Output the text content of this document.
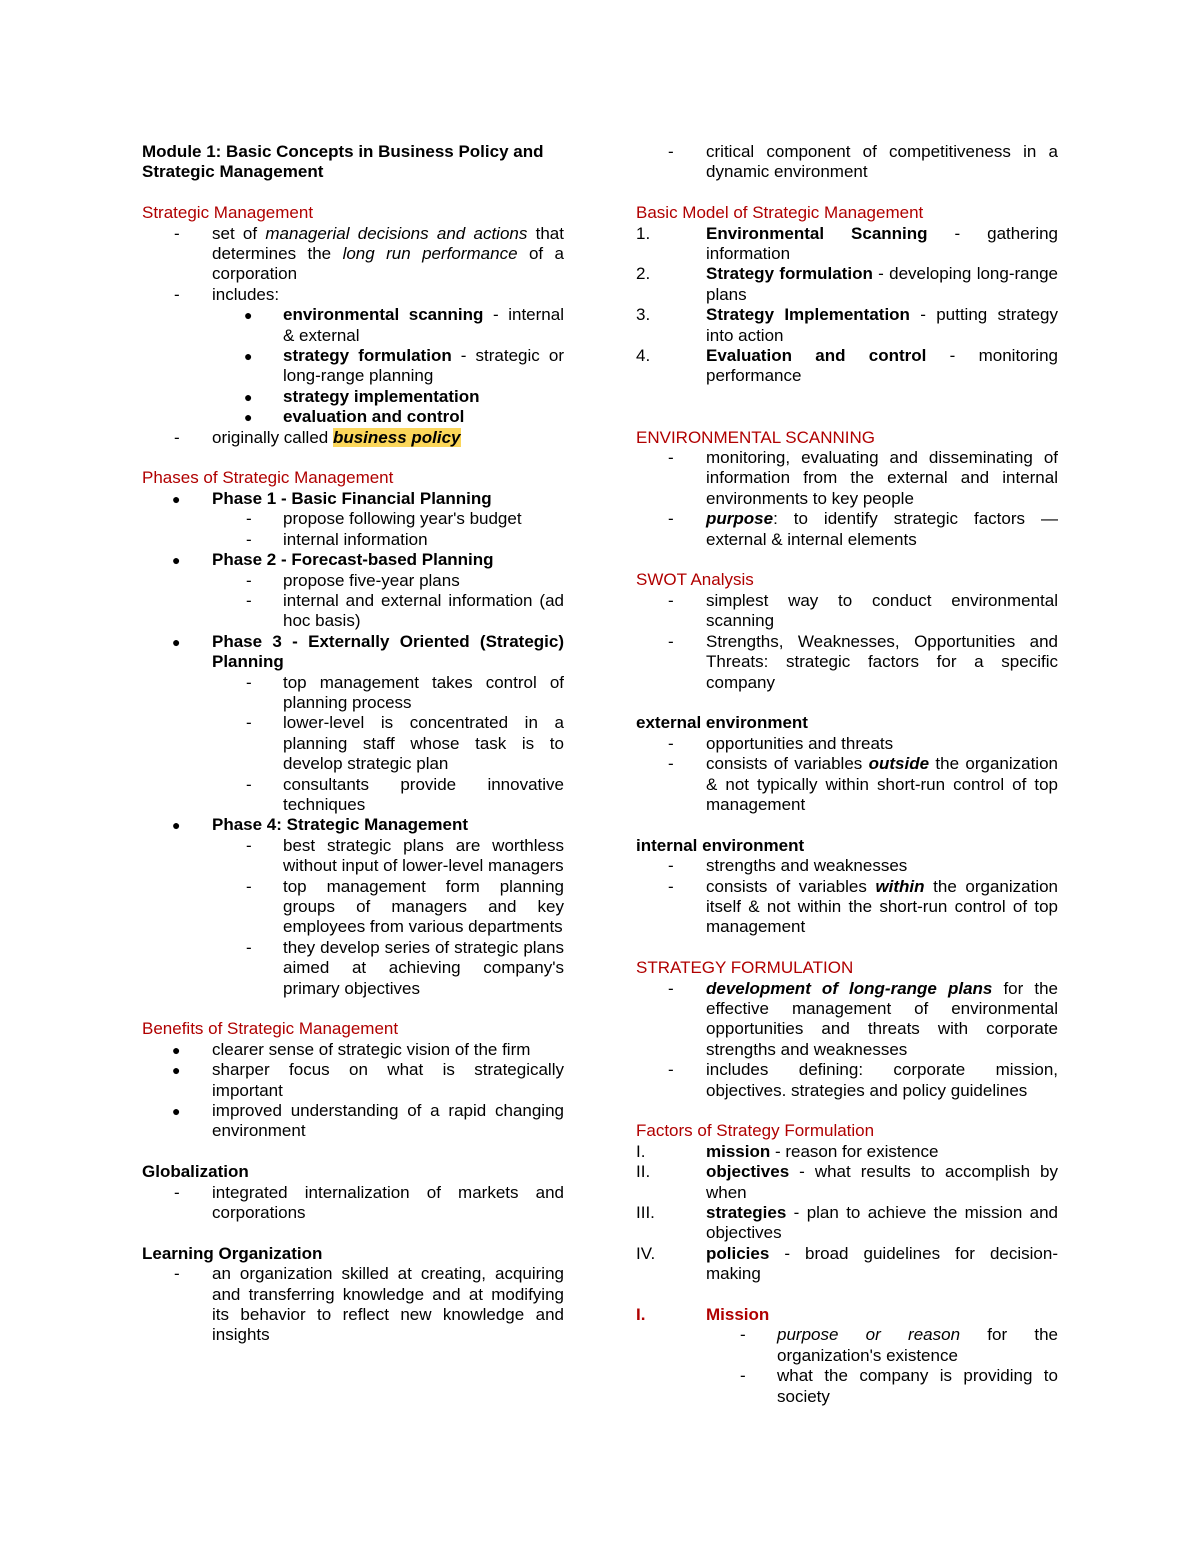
Module 1: Basic Concepts in Business Policy and Strategic Management
Strategic Management
- set of managerial decisions and actions that determines the long run performance of a corporation
- includes:
● environmental scanning - internal & external
● strategy formulation - strategic or long-range planning
● strategy implementation
● evaluation and control
- originally called business policy
Phases of Strategic Management
● Phase 1 - Basic Financial Planning
- propose following year's budget
- internal information
● Phase 2 - Forecast-based Planning
- propose five-year plans
- internal and external information (ad hoc basis)
● Phase 3 - Externally Oriented (Strategic) Planning
- top management takes control of planning process
- lower-level is concentrated in a planning staff whose task is to develop strategic plan
- consultants provide innovative techniques
● Phase 4: Strategic Management
- best strategic plans are worthless without input of lower-level managers
- top management form planning groups of managers and key employees from various departments
- they develop series of strategic plans aimed at achieving company's primary objectives
Benefits of Strategic Management
● clearer sense of strategic vision of the firm
● sharper focus on what is strategically important
● improved understanding of a rapid changing environment
Globalization
- integrated internalization of markets and corporations
Learning Organization
- an organization skilled at creating, acquiring and transferring knowledge and at modifying its behavior to reflect new knowledge and insights
- critical component of competitiveness in a dynamic environment
Basic Model of Strategic Management
1.	Environmental Scanning - gathering information
2.	Strategy formulation - developing long-range plans
3.	Strategy Implementation - putting strategy into action
4.	Evaluation and control - monitoring performance
ENVIRONMENTAL SCANNING
- monitoring, evaluating and disseminating of information from the external and internal environments to key people
- purpose: to identify strategic factors — external & internal elements
SWOT Analysis
- simplest way to conduct environmental scanning
- Strengths, Weaknesses, Opportunities and Threats: strategic factors for a specific company
external environment
- opportunities and threats
- consists of variables outside the organization & not typically within short-run control of top management
internal environment
- strengths and weaknesses
- consists of variables within the organization itself & not within the short-run control of top management
STRATEGY FORMULATION
- development of long-range plans for the effective management of environmental opportunities and threats with corporate strengths and weaknesses
- includes defining: corporate mission, objectives. strategies and policy guidelines
Factors of Strategy Formulation
I.	mission - reason for existence
II.	objectives - what results to accomplish by when
III.	strategies - plan to achieve the mission and objectives
IV.	policies - broad guidelines for decision-making
I.	Mission
- purpose or reason for the organization's existence
- what the company is providing to society
